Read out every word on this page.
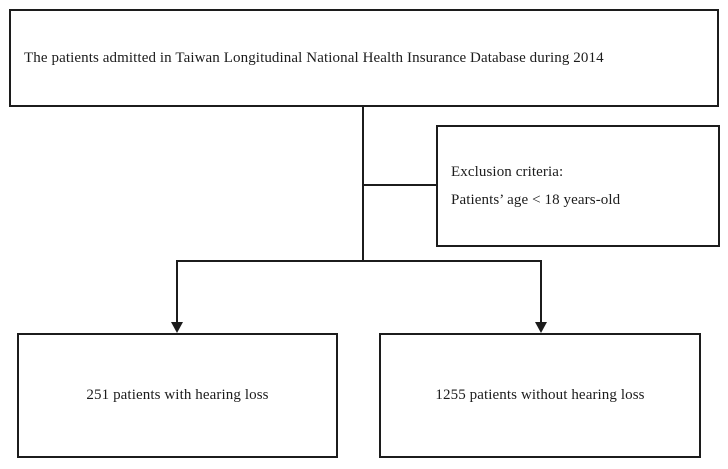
The patients admitted in Taiwan Longitudinal National Health Insurance Database during 2014
Exclusion criteria:
Patients’ age < 18 years-old
251 patients with hearing loss	1255 patients without hearing loss
